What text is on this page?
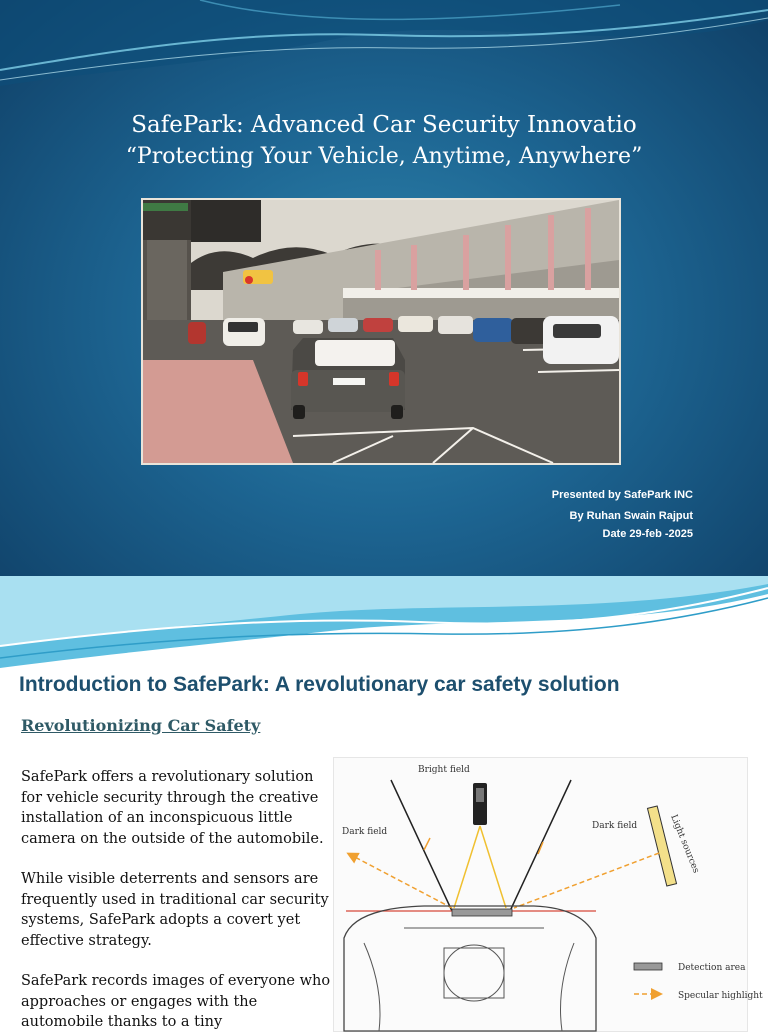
SafePark: Advanced Car Security Innovatio
“Protecting Your Vehicle, Anytime, Anywhere”
Presented by SafePark INC
By Ruhan Swain Rajput
Date 29-feb -2025
Introduction to SafePark: A revolutionary car safety solution
Revolutionizing Car Safety

SafePark offers a revolutionary solution for vehicle security through the creative installation of an inconspicuous little camera on the outside of the automobile.

While visible deterrents and sensors are frequently used in traditional car security systems, SafePark adopts a covert yet effective strategy.

SafePark records images of everyone who approaches or engages with the automobile thanks to a tiny

Bright field
Dark field
Dark field	Light sources
Detection area
Specular highlight
